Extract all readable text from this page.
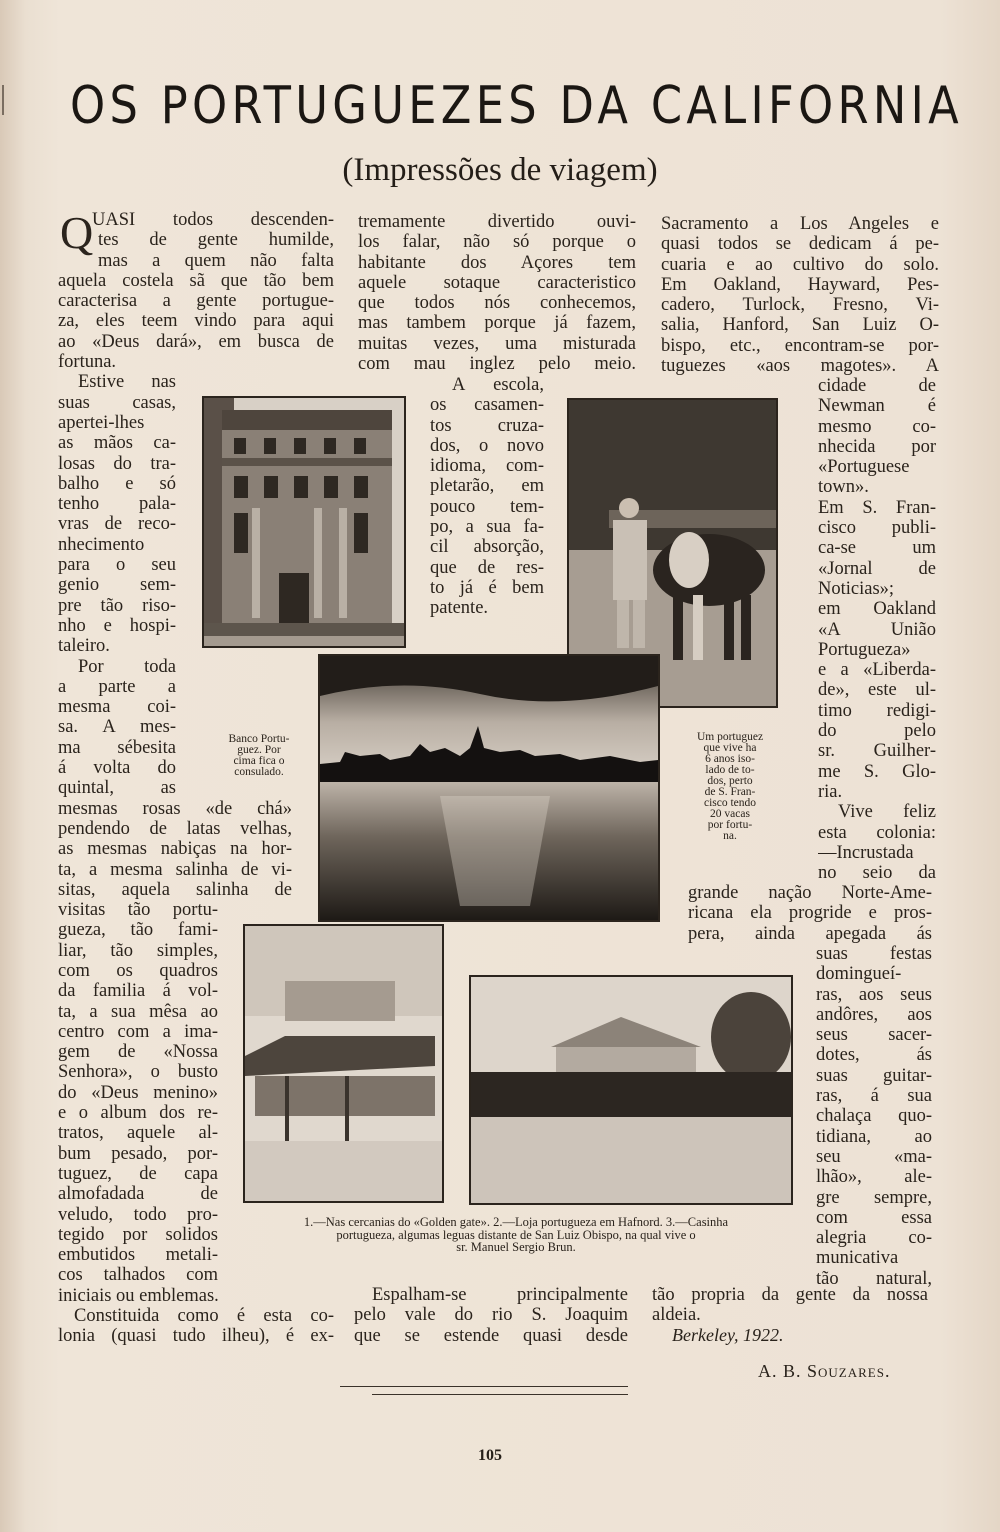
OS PORTUGUEZES DA CALIFORNIA
(Impressões de viagem)
Q
UASI todos descenden-
tes de gente humilde,
mas a quem não falta
aquela costela sã que tão bem
caracterisa a gente portugue-
za, eles teem vindo para aqui
ao «Deus dará», em busca de
fortuna.
Estive nas
suas casas,
apertei-lhes
as mãos ca-
losas do tra-
balho e só
tenho pala-
vras de reco-
nhecimento
para o seu
genio sem-
pre tão riso-
nho e hospi-
taleiro.
Por toda
a parte a
mesma coi-
sa. A mes-
ma sébesita
á volta do
quintal, as
mesmas rosas «de chá»
pendendo de latas velhas,
as mesmas nabiças na hor-
ta, a mesma salinha de vi-
sitas, aquela salinha de
visitas tão portu-
gueza, tão fami-
liar, tão simples,
com os quadros
da familia á vol-
ta, a sua mêsa ao
centro com a ima-
gem de «Nossa
Senhora», o busto
do «Deus menino»
e o album dos re-
tratos, aquele al-
bum pesado, por-
tuguez, de capa
almofadada de
veludo, todo pro-
tegido por solidos
embutidos metali-
cos talhados com
iniciais ou emblemas.
Constituida como é esta co-
lonia (quasi tudo ilheu), é ex-
tremamente divertido ouvi-
los falar, não só porque o
habitante dos Açores tem
aquele sotaque caracteristico
que todos nós conhecemos,
mas tambem porque já fazem,
muitas vezes, uma misturada
com mau inglez pelo meio.
A escola,
os casamen-
tos cruza-
dos, o novo
idioma, com-
pletarão, em
pouco tem-
po, a sua fa-
cil absorção,
que de res-
to já é bem
patente.
Espalham-se principalmente
pelo vale do rio S. Joaquim
que se estende quasi desde
Sacramento a Los Angeles e
quasi todos se dedicam á pe-
cuaria e ao cultivo do solo.
Em Oakland, Hayward, Pes-
cadero, Turlock, Fresno, Vi-
salia, Hanford, San Luiz O-
bispo, etc., encontram-se por-
tuguezes «aos magotes». A
cidade de
Newman é
mesmo co-
nhecida por
«Portuguese
town».
Em S. Fran-
cisco publi-
ca-se um
«Jornal de
Noticias»;
em Oakland
«A União
Portugueza»
e a «Liberda-
de», este ul-
timo redigi-
do pelo
sr. Guilher-
me S. Glo-
ria.
Vive feliz
esta colonia:
—Incrustada
no seio da
grande nação Norte-Ame-
ricana ela progride e pros-
pera, ainda apegada ás
suas festas
domingueí-
ras, aos seus
andôres, aos
seus sacer-
dotes, ás
suas guitar-
ras, á sua
chalaça quo-
tidiana, ao
seu «ma-
lhão», ale-
gre sempre,
com essa
alegria co-
municativa
tão natural,
tão propria da gente da nossa
aldeia.
Banco Portu-
guez. Por
cima fica o
consulado.
Um portuguez
que vive ha
6 anos iso-
lado de to-
dos, perto
de S. Fran-
cisco tendo
20 vacas
por fortu-
na.
1.—Nas cercanias do «Golden gate». 2.—Loja portugueza em Hafnord. 3.—Casinha
portugueza, algumas leguas distante de San Luiz Obispo, na qual vive o
sr. Manuel Sergio Brun.
Berkeley, 1922.
A. B. Souzares.
105
